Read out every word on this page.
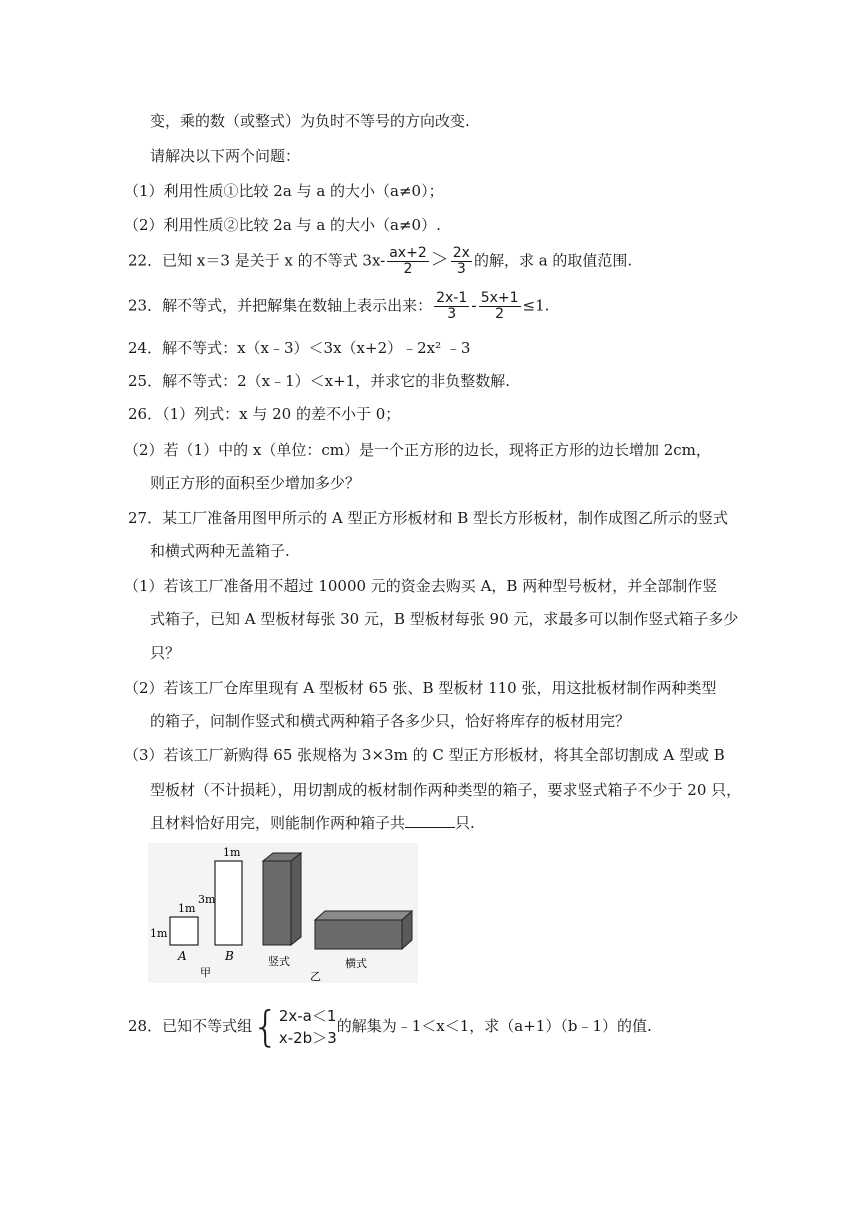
变，乘的数（或整式）为负时不等号的方向改变.
请解决以下两个问题：
（1）利用性质①比较 2a 与 a 的大小（a≠0）；
（2）利用性质②比较 2a 与 a 的大小（a≠0）.
22．已知 x＝3 是关于 x 的不等式 $3x- \frac{ax+2}{2} > \frac{2x}{3}$ 的解，求 a 的取值范围.
23．解不等式，并把解集在数轴上表示出来： $\frac{2x-1}{3} - \frac{5x+1}{2} \le 1$.
24．解不等式：x（x﹣3）＜3x（x+2）﹣2x² ﹣3
25．解不等式：2（x﹣1）＜x+1，并求它的非负整数解.
26．（1）列式：x 与 20 的差不小于 0；
（2）若（1）中的 x（单位：cm）是一个正方形的边长，现将正方形的边长增加 2cm，
则正方形的面积至少增加多少？
27．某工厂准备用图甲所示的 A 型正方形板材和 B 型长方形板材，制作成图乙所示的竖式
和横式两种无盖箱子.
（1）若该工厂准备用不超过 10000 元的资金去购买 A，B 两种型号板材，并全部制作竖
式箱子，已知 A 型板材每张 30 元，B 型板材每张 90 元，求最多可以制作竖式箱子多少
只？
（2）若该工厂仓库里现有 A 型板材 65 张、B 型板材 110 张，用这批板材制作两种类型
的箱子，问制作竖式和横式两种箱子各多少只，恰好将库存的板材用完？
（3）若该工厂新购得 65 张规格为 3×3m 的 C 型正方形板材，将其全部切割成 A 型或 B
型板材（不计损耗），用切割成的板材制作两种类型的箱子，要求竖式箱子不少于 20 只，
且材料恰好用完，则能制作两种箱子共	只.
1m
1m
1m
3m
A	B
甲
竖式
乙
横式
28．已知不等式组{ 2x-a＜1
x-2b＞3
的解集为﹣1＜x＜1，求（a+1）（b﹣1）的值.
